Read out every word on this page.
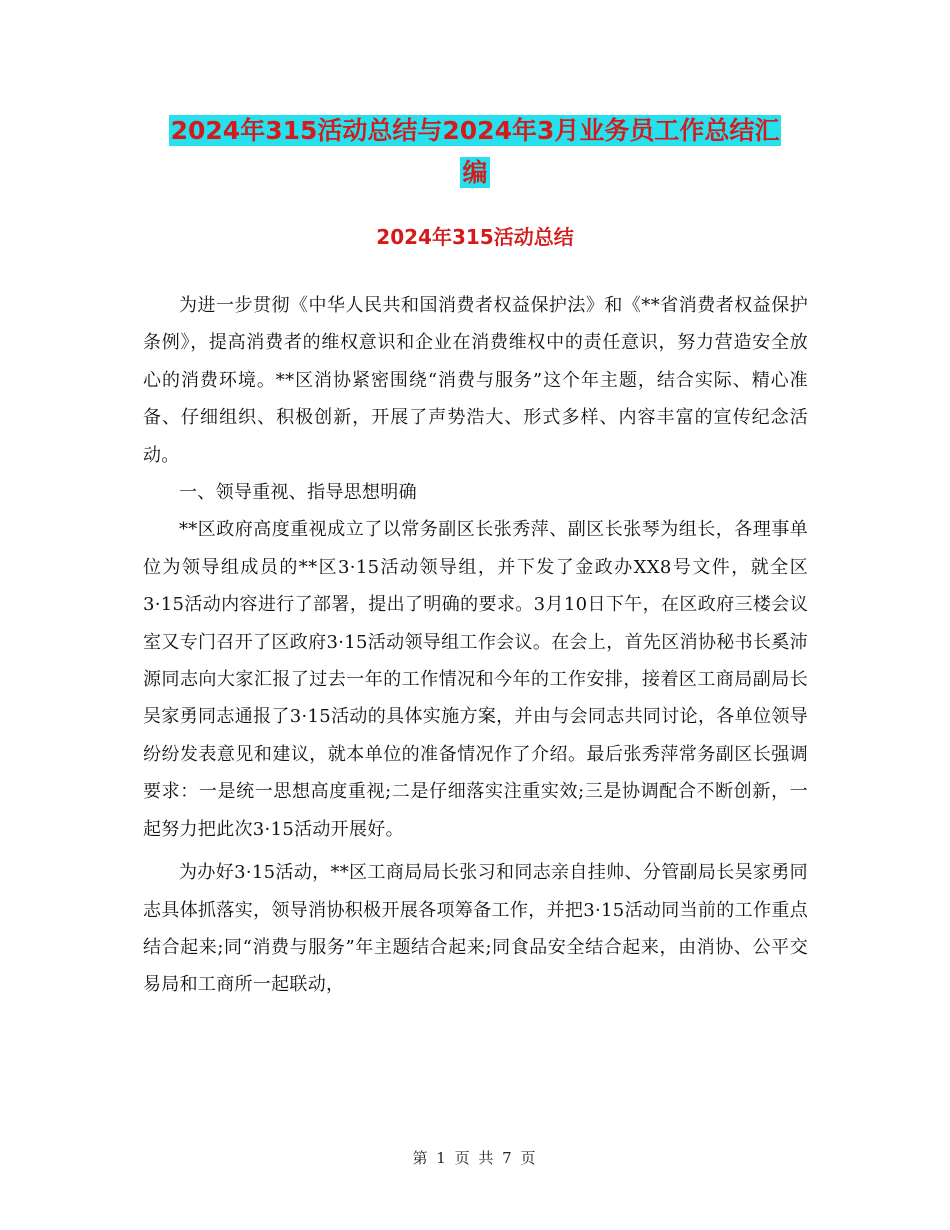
2024年315活动总结与2024年3月业务员工作总结汇
编
2024年315活动总结

为进一步贯彻《中华人民共和国消费者权益保护法》和《**省消费者权益保护条例》，提高消费者的维权意识和企业在消费维权中的责任意识，努力营造安全放心的消费环境。**区消协紧密围绕“消费与服务”这个年主题，结合实际、精心准备、仔细组织、积极创新，开展了声势浩大、形式多样、内容丰富的宣传纪念活动。

一、领导重视、指导思想明确

**区政府高度重视成立了以常务副区长张秀萍、副区长张琴为组长，各理事单位为领导组成员的**区3·15活动领导组，并下发了金政办XX8号文件，就全区3·15活动内容进行了部署，提出了明确的要求。3月10日下午，在区政府三楼会议室又专门召开了区政府3·15活动领导组工作会议。在会上，首先区消协秘书长奚沛源同志向大家汇报了过去一年的工作情况和今年的工作安排，接着区工商局副局长吴家勇同志通报了3·15活动的具体实施方案，并由与会同志共同讨论，各单位领导纷纷发表意见和建议，就本单位的准备情况作了介绍。最后张秀萍常务副区长强调要求：一是统一思想高度重视;二是仔细落实注重实效;三是协调配合不断创新，一起努力把此次3·15活动开展好。

为办好3·15活动，**区工商局局长张习和同志亲自挂帅、分管副局长吴家勇同志具体抓落实，领导消协积极开展各项筹备工作，并把3·15活动同当前的工作重点结合起来;同“消费与服务”年主题结合起来;同食品安全结合起来，由消协、公平交易局和工商所一起联动，

第 1 页 共 7 页
